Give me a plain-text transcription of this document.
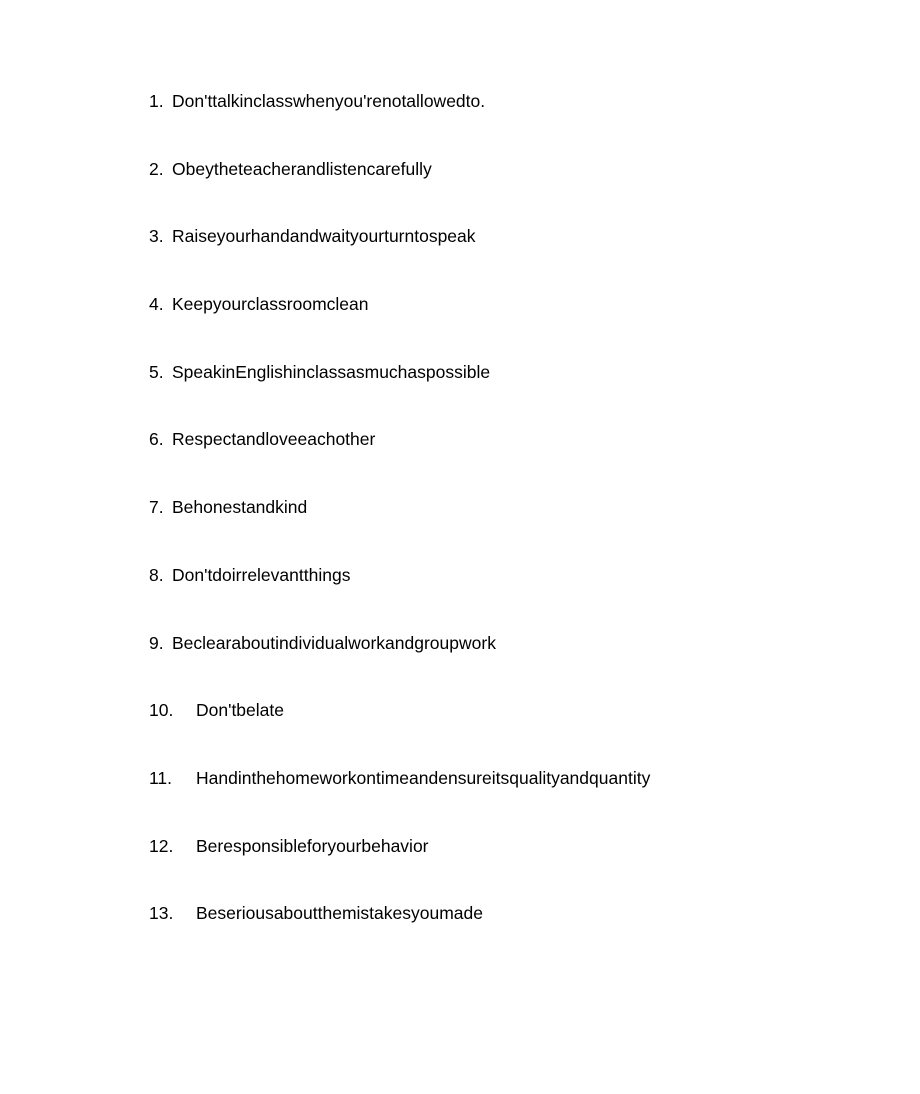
1. Don'ttalkinclasswhenyou'renotallowedto.
2. Obeytheteacherandlistencarefully
3. Raiseyourhandandwaityourturntospeak
4. Keepyourclassroomclean
5. SpeakinEnglishinclassasmuchaspossible
6. Respectandloveeachother
7. Behonestandkind
8. Don'tdoirrelevantthings
9. Beclearaboutindividualworkandgroupwork
10.	Don'tbelate
11.	Handinthehomeworkontimeandensureitsqualityandquantity
12.	Beresponsibleforyourbehavior
13.	Beseriousaboutthemistakesyoumade
